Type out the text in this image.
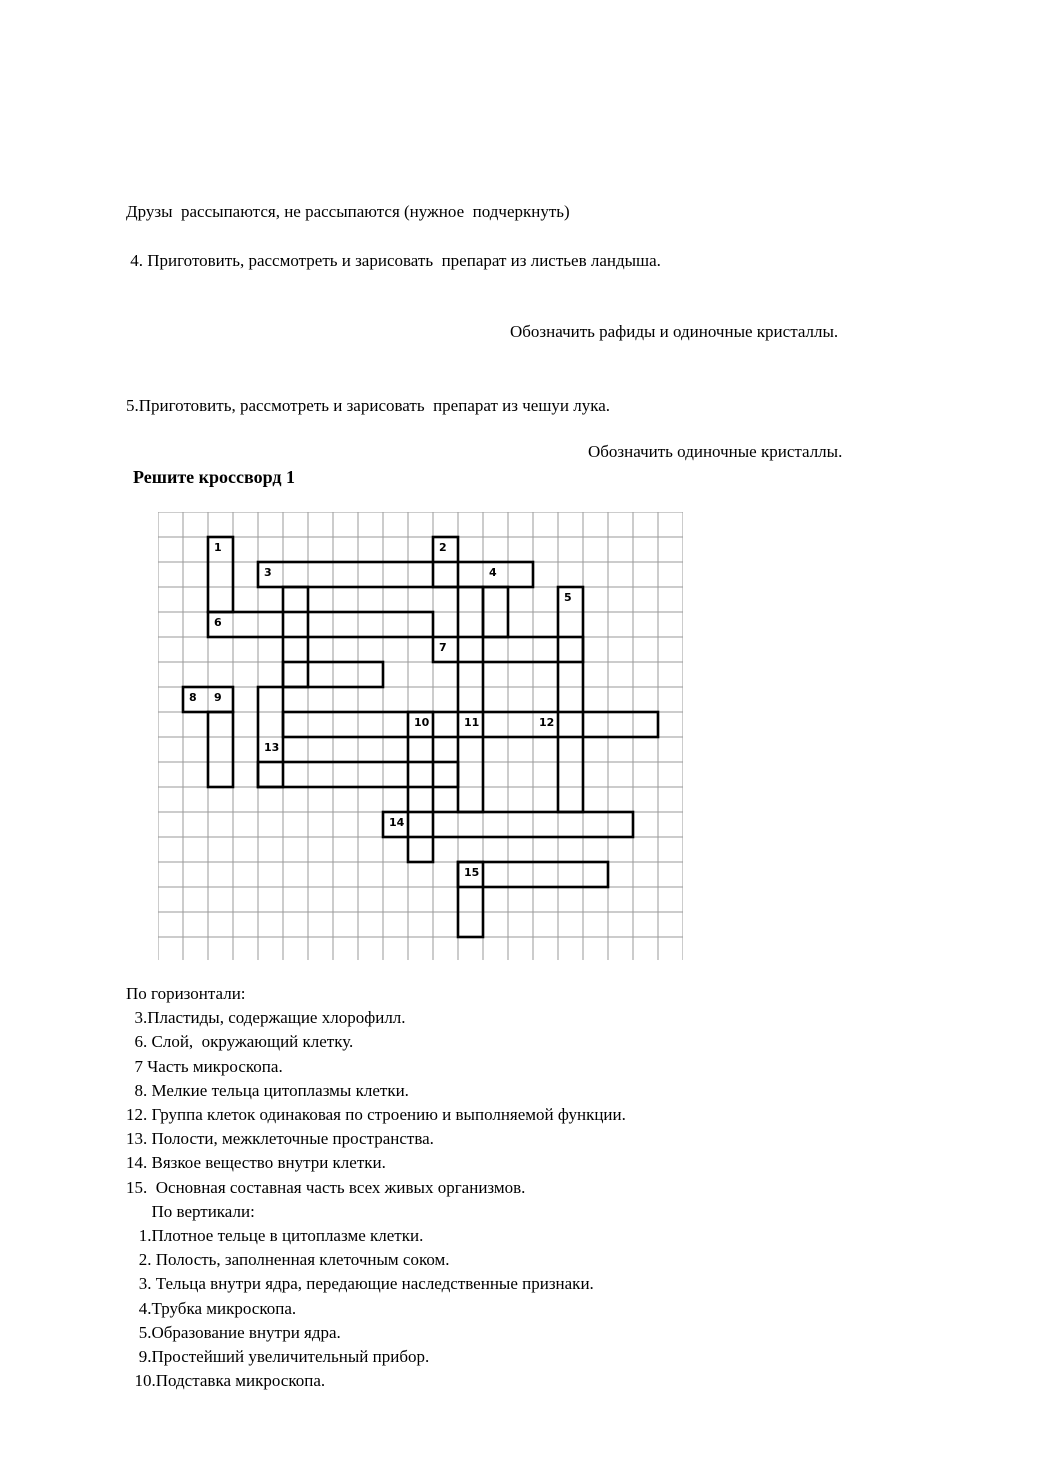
Друзы  рассыпаются, не рассыпаются (нужное  подчеркнуть)
4. Приготовить, рассмотреть и зарисовать  препарат из листьев ландыша.
Обозначить рафиды и одиночные кристаллы.
5.Приготовить, рассмотреть и зарисовать  препарат из чешуи лука.
Обозначить одиночные кристаллы.
Решите кроссворд 1
1	2
3	4
5
6
7
8 9
10	11	12
13
14
15
По горизонтали:
3.Пластиды, содержащие хлорофилл.
6. Слой,  окружающий клетку.
7 Часть микроскопа.
8. Мелкие тельца цитоплазмы клетки.
12. Группа клеток одинаковая по строению и выполняемой функции.
13. Полости, межклеточные пространства.
14. Вязкое вещество внутри клетки.
15.  Основная составная часть всех живых организмов.
По вертикали:
1.Плотное тельце в цитоплазме клетки.
2. Полость, заполненная клеточным соком.
3. Тельца внутри ядра, передающие наследственные признаки.
4.Трубка микроскопа.
5.Образование внутри ядра.
9.Простейший увеличительный прибор.
10.Подставка микроскопа.
